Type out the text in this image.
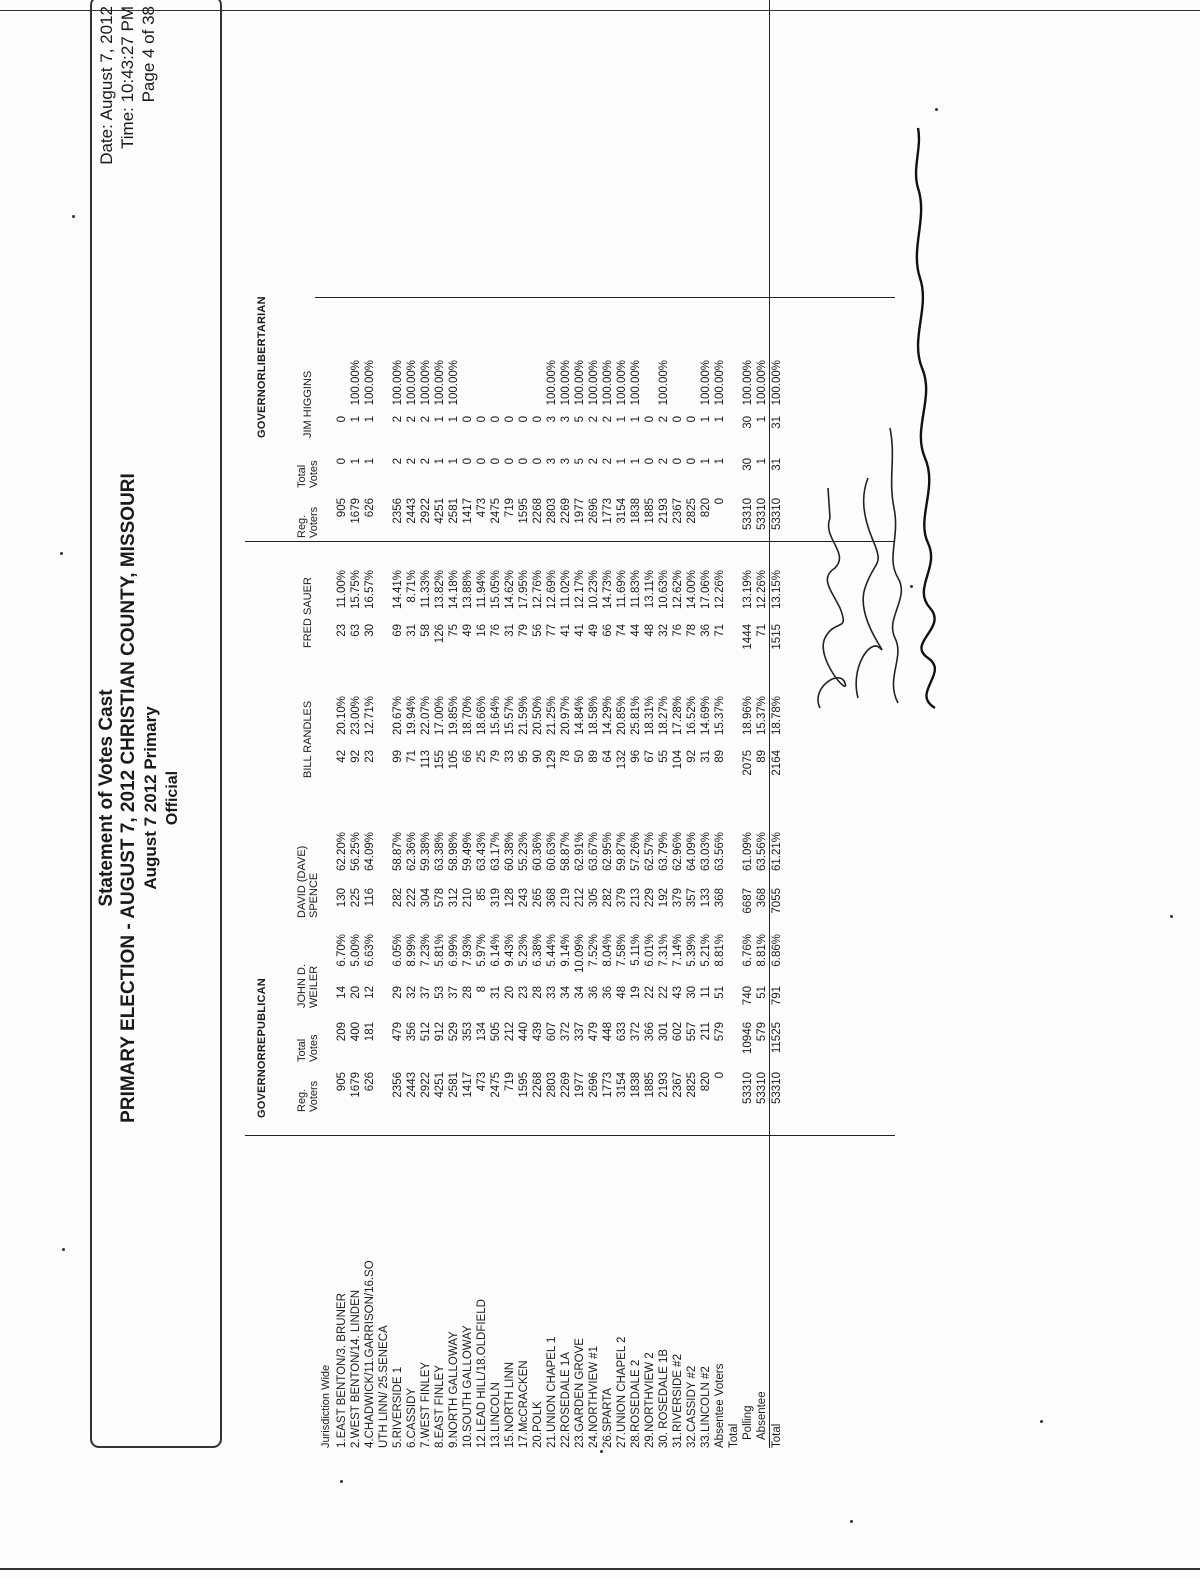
Statement of Votes Cast PRIMARY ELECTION - AUGUST 7, 2012 CHRISTIAN COUNTY, MISSOURI August 7 2012 Primary Official
Date: August 7, 2012 Time: 10:43:27 PM Page 4 of 38
GOVERNORREPUBLICAN
GOVERNORLIBERTARIAN
Jurisdiction Wide
Reg. Voters
Total Votes
JOHN D. WEILER
DAVID (DAVE) SPENCE
BILL RANDLES
FRED SAUER
Reg. Voters
Total Votes
JIM HIGGINS
1.EAST BENTON/3. BRUNER
905
209
14
6.70%
130
62.20%
42
20.10%
23
11.00%
905
0
0
2.WEST BENTON/14. LINDEN
1679
400
20
5.00%
225
56.25%
92
23.00%
63
15.75%
1679
1
1
100.00%
4.CHADWICK/11.GARRISON/16.SO
626
181
12
6.63%
116
64.09%
23
12.71%
30
16.57%
626
1
1
100.00%
UTH LINN/ 25.SENECA 5.RIVERSIDE 1
2356
479
29
6.05%
282
58.87%
99
20.67%
69
14.41%
2356
2
2
100.00%
6.CASSIDY
2443
356
32
8.99%
222
62.36%
71
19.94%
31
8.71%
2443
2
2
100.00%
7.WEST FINLEY
2922
512
37
7.23%
304
59.38%
113
22.07%
58
11.33%
2922
2
2
100.00%
8.EAST FINLEY
4251
912
53
5.81%
578
63.38%
155
17.00%
126
13.82%
4251
1
1
100.00%
9.NORTH GALLOWAY
2581
529
37
6.99%
312
58.98%
105
19.85%
75
14.18%
2581
1
1
100.00%
10.SOUTH GALLOWAY
1417
353
28
7.93%
210
59.49%
66
18.70%
49
13.88%
1417
0
0
12.LEAD HILL/18.OLDFIELD
473
134
8
5.97%
85
63.43%
25
18.66%
16
11.94%
473
0
0
13.LINCOLN
2475
505
31
6.14%
319
63.17%
79
15.64%
76
15.05%
2475
0
0
15.NORTH LINN
719
212
20
9.43%
128
60.38%
33
15.57%
31
14.62%
719
0
0
17.McCRACKEN
1595
440
23
5.23%
243
55.23%
95
21.59%
79
17.95%
1595
0
0
20.POLK
2268
439
28
6.38%
265
60.36%
90
20.50%
56
12.76%
2268
0
0
21.UNION CHAPEL 1
2803
607
33
5.44%
368
60.63%
129
21.25%
77
12.69%
2803
3
3
100.00%
22.ROSEDALE 1A
2269
372
34
9.14%
219
58.87%
78
20.97%
41
11.02%
2269
3
3
100.00%
23.GARDEN GROVE
1977
337
34
10.09%
212
62.91%
50
14.84%
41
12.17%
1977
5
5
100.00%
24.NORTHVIEW #1
2696
479
36
7.52%
305
63.67%
89
18.58%
49
10.23%
2696
2
2
100.00%
26.SPARTA
1773
448
36
8.04%
282
62.95%
64
14.29%
66
14.73%
1773
2
2
100.00%
27.UNION CHAPEL 2
3154
633
48
7.58%
379
59.87%
132
20.85%
74
11.69%
3154
1
1
100.00%
28.ROSEDALE 2
1838
372
19
5.11%
213
57.26%
96
25.81%
44
11.83%
1838
1
1
100.00%
29.NORTHVIEW 2
1885
366
22
6.01%
229
62.57%
67
18.31%
48
13.11%
1885
0
0
30. ROSEDALE 1B
2193
301
22
7.31%
192
63.79%
55
18.27%
32
10.63%
2193
2
2
100.00%
31.RIVERSIDE #2
2367
602
43
7.14%
379
62.96%
104
17.28%
76
12.62%
2367
0
0
32.CASSIDY #2
2825
557
30
5.39%
357
64.09%
92
16.52%
78
14.00%
2825
0
0
33.LINCOLN #2
820
211
11
5.21%
133
63.03%
31
14.69%
36
17.06%
820
1
1
100.00%
Absentee Voters
0
579
51
8.81%
368
63.56%
89
15.37%
71
12.26%
0
1
1
100.00%
Total Polling
53310
10946
740
6.76%
6687
61.09%
2075
18.96%
1444
13.19%
53310
30
30
100.00%
Absentee
53310
579
51
8.81%
368
63.56%
89
15.37%
71
12.26%
53310
1
1
100.00%
Total
53310
11525
791
6.86%
7055
61.21%
2164
18.78%
1515
13.15%
53310
31
31
100.00%
